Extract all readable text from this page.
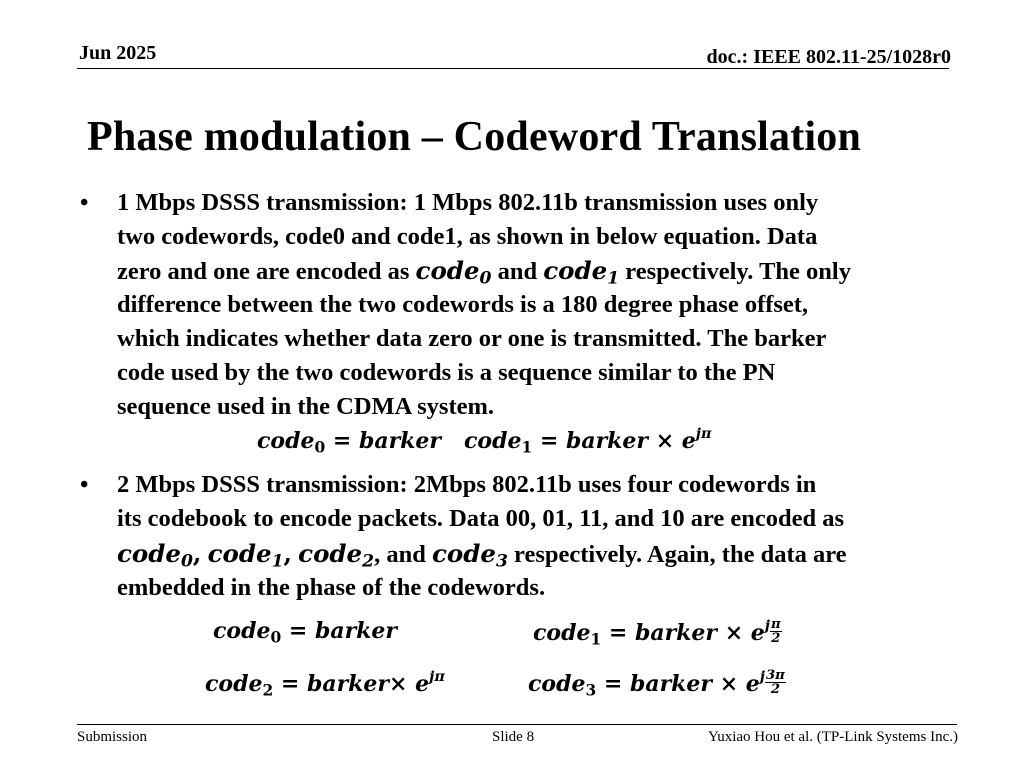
Jun 2025	doc.: IEEE 802.11-25/1028r0
Phase modulation – Codeword Translation
• 1 Mbps DSSS transmission: 1 Mbps 802.11b transmission uses only
two codewords, code0 and code1, as shown in below equation. Data
zero and one are encoded as code$_0$ and code$_1$ respectively. The only
difference between the two codewords is a 180 degree phase offset,
which indicates whether data zero or one is transmitted. The barker
code used by the two codewords is a sequence similar to the PN
sequence used in the CDMA system.
code$_0$ = barker code$_1$ = barker × $e^{j\pi}$
• 2 Mbps DSSS transmission: 2Mbps 802.11b uses four codewords in
its codebook to encode packets. Data 00, 01, 11, and 10 are encoded as
code$_0$, code$_1$, code$_2$, and code$_3$ respectively. Again, the data are
embedded in the phase of the codewords.
code$_0$ = barker	code$_1$ = barker × $e^j \frac{\pi}{2}$
code$_2$ = barker× $e^{j\pi}$	code$_3$ = barker × $e^j \frac{3\pi}{2}$
Submission	Slide 8	Yuxiao Hou et al. (TP-Link Systems Inc.)
